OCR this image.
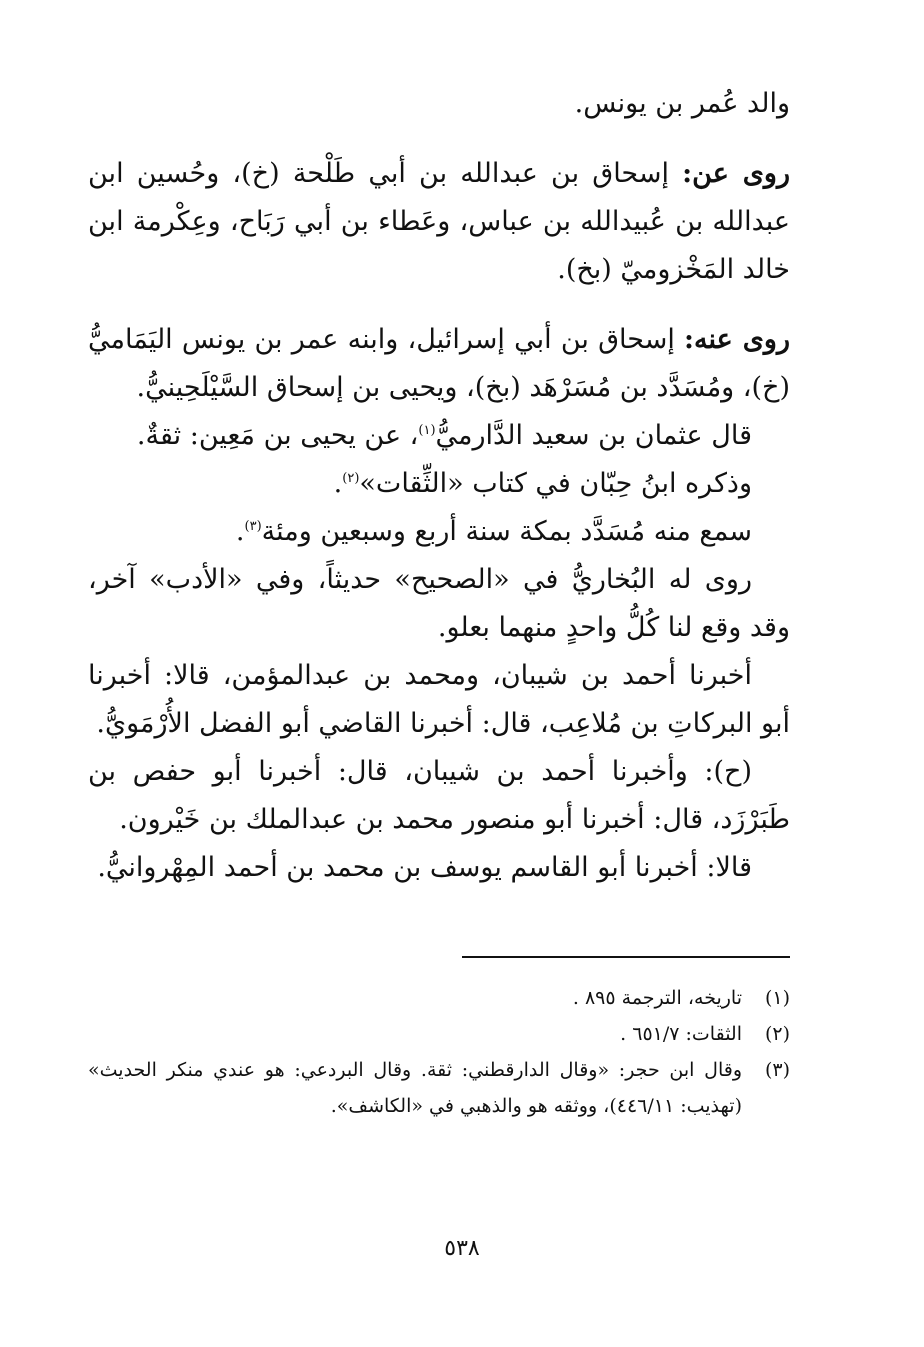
والد عُمر بن يونس.

روى عن: إسحاق بن عبدالله بن أبي طَلْحة (خ)، وحُسين ابن عبدالله بن عُبيدالله بن عباس، وعَطاء بن أبي رَبَاح، وعِكْرمة ابن خالد المَخْزوميّ (بخ).

روى عنه: إسحاق بن أبي إسرائيل، وابنه عمر بن يونس اليَمَاميُّ (خ)، ومُسَدَّد بن مُسَرْهَد (بخ)، ويحيى بن إسحاق السَّيْلَحِينيُّ.

قال عثمان بن سعيد الدَّارميُّ$^{(١)}$، عن يحيى بن مَعِين: ثقةٌ.

وذكره ابنُ حِبّان في كتاب «الثِّقات»$^{(٢)}$.

سمع منه مُسَدَّد بمكة سنة أربع وسبعين ومئة$^{(٣)}$.

روى له البُخاريُّ في «الصحيح» حديثاً، وفي «الأدب» آخر، وقد وقع لنا كُلُّ واحدٍ منهما بعلو.

أخبرنا أحمد بن شيبان، ومحمد بن عبدالمؤمن، قالا: أخبرنا أبو البركاتِ بن مُلاعِب، قال: أخبرنا القاضي أبو الفضل الأُرْمَويُّ.

(ح): وأخبرنا أحمد بن شيبان، قال: أخبرنا أبو حفص بن طَبَرْزَد، قال: أخبرنا أبو منصور محمد بن عبدالملك بن خَيْرون.

قالا: أخبرنا أبو القاسم يوسف بن محمد بن أحمد المِهْروانيُّ.

(١)
تاريخه، الترجمة ٨٩٥ .
(٢)
الثقات: ٦٥١/٧ .
(٣)
وقال ابن حجر: «وقال الدارقطني: ثقة. وقال البردعي: هو عندي منكر الحديث» (تهذيب: ٤٤٦/١١)، ووثقه هو والذهبي في «الكاشف».
٥٣٨
